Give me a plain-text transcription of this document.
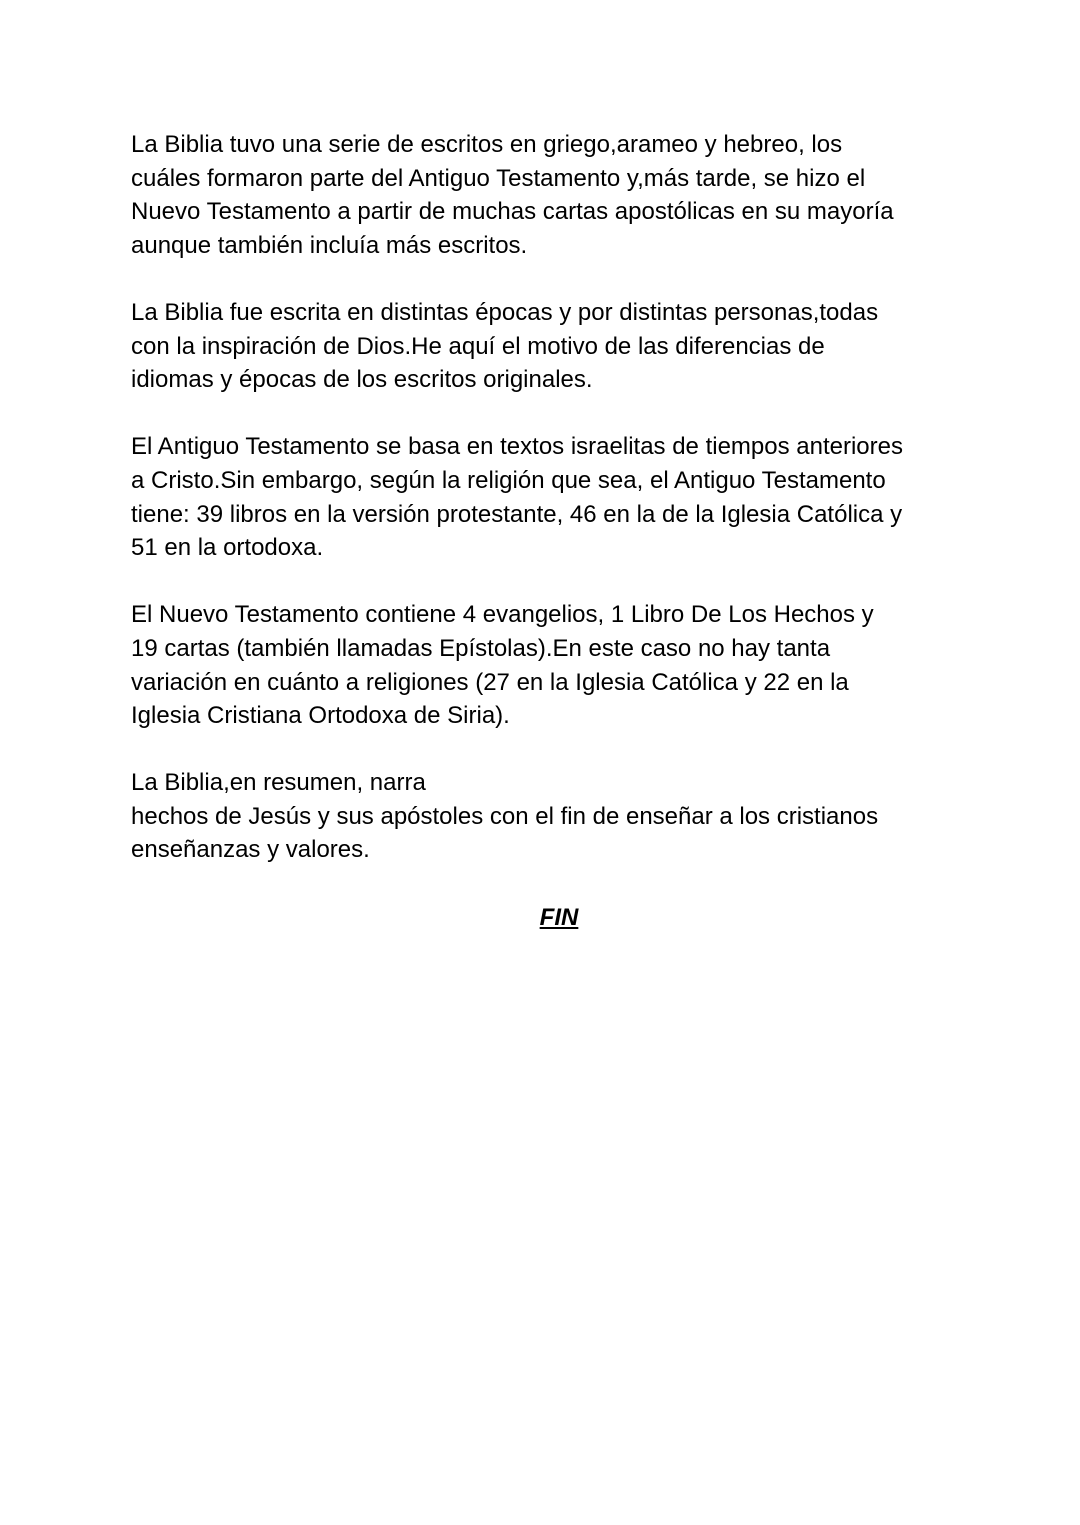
La Biblia tuvo una serie de escritos en griego,arameo y hebreo, los
cuáles formaron parte del Antiguo Testamento y,más tarde, se hizo el
Nuevo Testamento a partir de muchas cartas apostólicas en su mayoría
aunque también incluía más escritos.

La Biblia fue escrita en distintas épocas y por distintas personas,todas
con la inspiración de Dios.He aquí el motivo de las diferencias de
idiomas y épocas de los escritos originales.

El Antiguo Testamento se basa en textos israelitas de tiempos anteriores
a Cristo.Sin embargo, según la religión que sea, el Antiguo Testamento
tiene: 39 libros en la versión protestante, 46 en la de la Iglesia Católica y
51 en la ortodoxa.

El Nuevo Testamento contiene 4 evangelios, 1 Libro De Los Hechos y
19 cartas (también llamadas Epístolas).En este caso no hay tanta
variación en cuánto a religiones (27 en la Iglesia Católica y 22 en la
Iglesia Cristiana Ortodoxa de Siria).

La Biblia,en resumen, narra
hechos de Jesús y sus apóstoles con el fin de enseñar a los cristianos
enseñanzas y valores.

FIN
